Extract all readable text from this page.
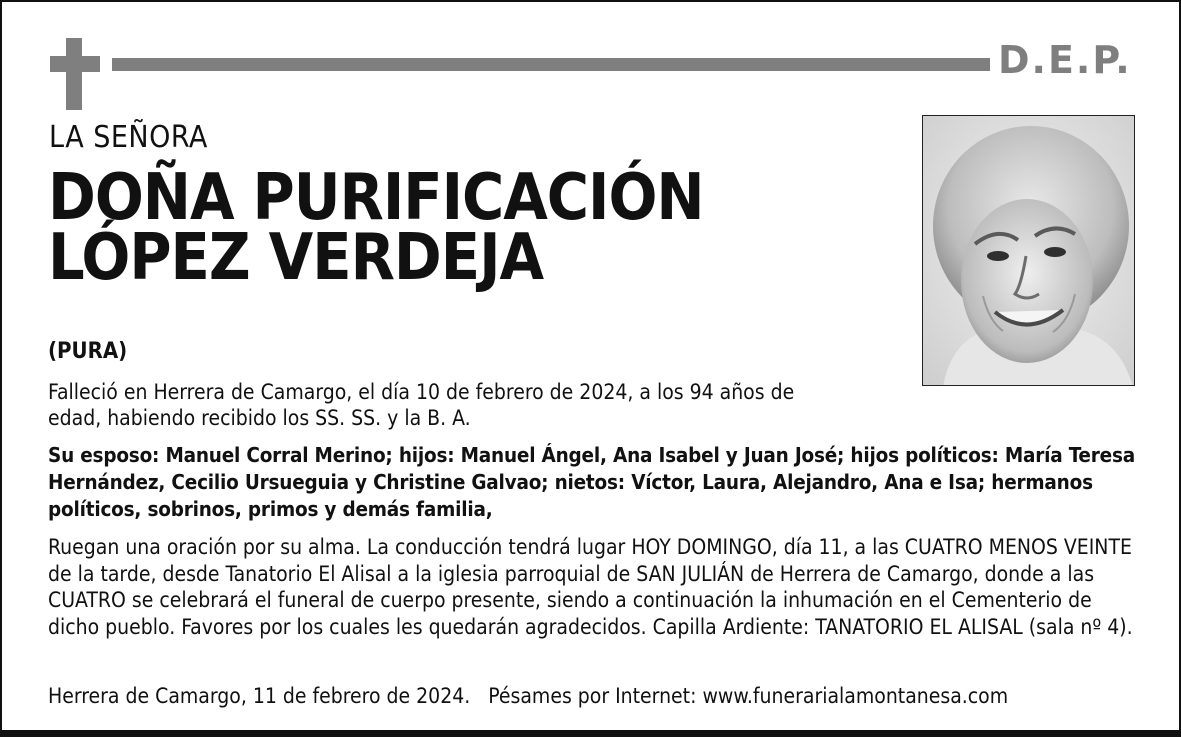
D.E.P.
LA SEÑORA
DOÑA PURIFICACIÓN
LÓPEZ VERDEJA
(PURA)
Falleció en Herrera de Camargo, el día 10 de febrero de 2024, a los 94 años de edad, habiendo recibido los SS. SS. y la B. A.
Su esposo: Manuel Corral Merino; hijos: Manuel Ángel, Ana Isabel y Juan José; hijos políticos: María Teresa Hernández, Cecilio Ursueguia y Christine Galvao; nietos: Víctor, Laura, Alejandro, Ana e Isa; hermanos políticos, sobrinos, primos y demás familia,
Ruegan una oración por su alma. La conducción tendrá lugar HOY DOMINGO, día 11, a las CUATRO MENOS VEINTE de la tarde, desde Tanatorio El Alisal a la iglesia parroquial de SAN JULIÁN de Herrera de Camargo, donde a las CUATRO se celebrará el funeral de cuerpo presente, siendo a continuación la inhumación en el Cementerio de dicho pueblo. Favores por los cuales les quedarán agradecidos. Capilla Ardiente: TANATORIO EL ALISAL (sala nº 4).
Herrera de Camargo, 11 de febrero de 2024.   Pésames por Internet: www.funerarialamontanesa.com
